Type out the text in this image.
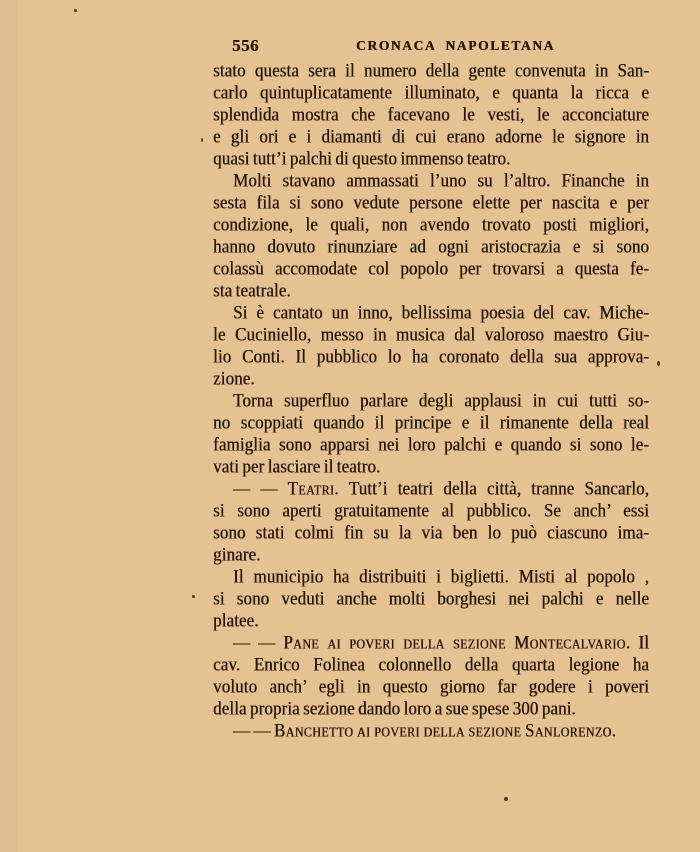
556	CRONACA NAPOLETANA
stato questa sera il numero della gente convenuta in San-
carlo quintuplicatamente illuminato, e quanta la ricca e
splendida mostra che facevano le vesti, le acconciature
e gli ori e i diamanti di cui erano adorne le signore in
quasi tutt’i palchi di questo immenso teatro.
Molti stavano ammassati l’uno su l’altro. Finanche in
sesta fila si sono vedute persone elette per nascita e per
condizione, le quali, non avendo trovato posti migliori,
hanno dovuto rinunziare ad ogni aristocrazia e si sono
colassù accomodate col popolo per trovarsi a questa fe-
sta teatrale.
Si è cantato un inno, bellissima poesia del cav. Miche-
le Cuciniello, messo in musica dal valoroso maestro Giu-
lio Conti. Il pubblico lo ha coronato della sua approva-
zione.
Torna superfluo parlare degli applausi in cui tutti so-
no scoppiati quando il principe e il rimanente della real
famiglia sono apparsi nei loro palchi e quando si sono le-
vati per lasciare il teatro.
— — Teatri. Tutt’i teatri della città, tranne Sancarlo,
si sono aperti gratuitamente al pubblico. Se anch’ essi
sono stati colmi fin su la via ben lo può ciascuno ima-
ginare.
Il municipio ha distribuiti i biglietti. Misti al popolo ,
si sono veduti anche molti borghesi nei palchi e nelle
platee.
— — Pane ai poveri della sezione Montecalvario. Il
cav. Enrico Folinea colonnello della quarta legione ha
voluto anch’ egli in questo giorno far godere i poveri
della propria sezione dando loro a sue spese 300 pani.
— — Banchetto ai poveri della sezione Sanlorenzo.
